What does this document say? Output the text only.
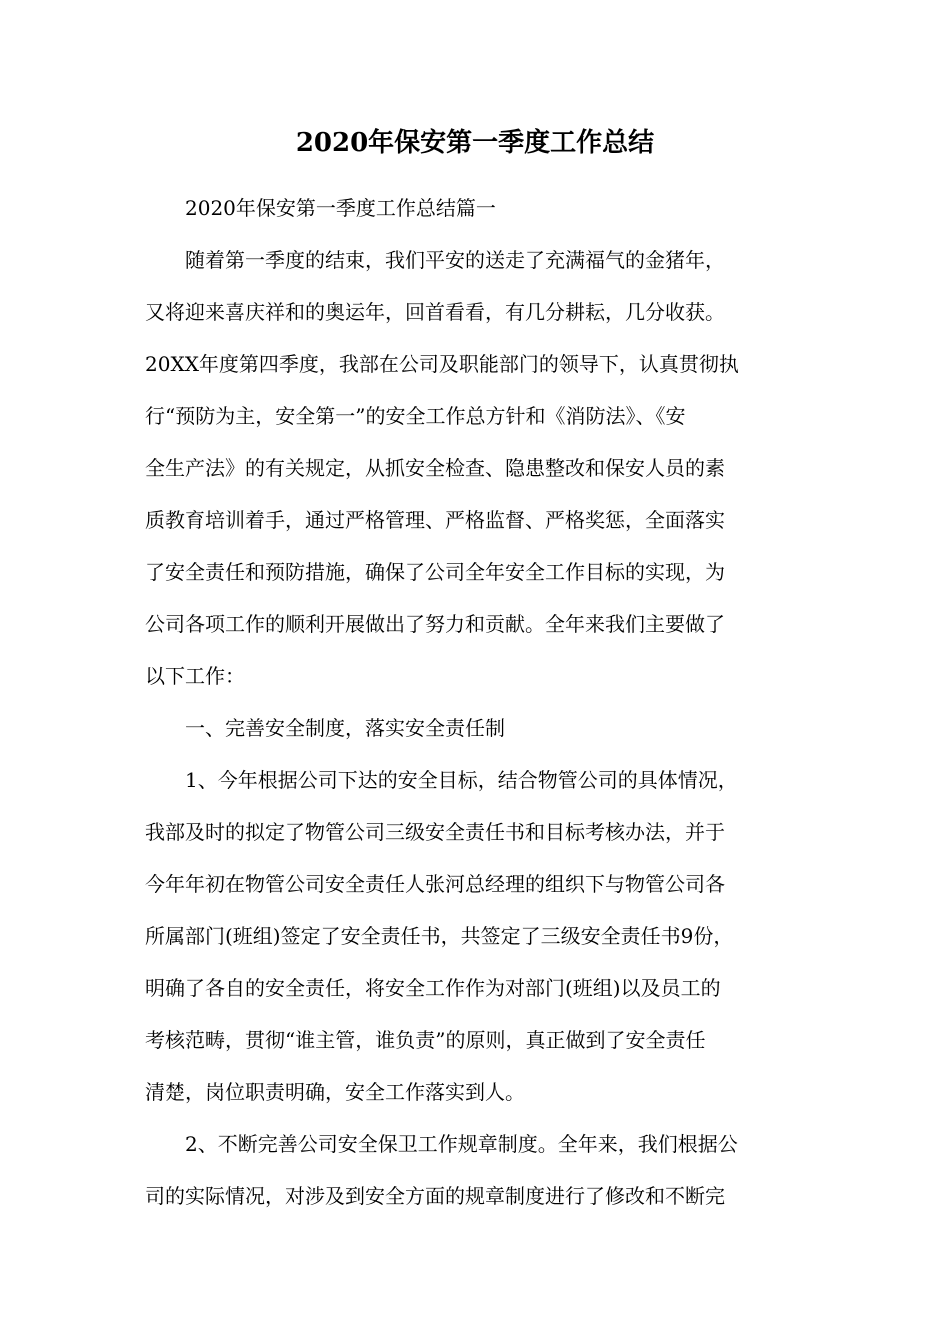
2020年保安第一季度工作总结

2020年保安第一季度工作总结篇一

随着第一季度的结束，我们平安的送走了充满福气的金猪年，
又将迎来喜庆祥和的奥运年，回首看看，有几分耕耘，几分收获。
20XX年度第四季度，我部在公司及职能部门的领导下，认真贯彻执
行“预防为主，安全第一”的安全工作总方针和《消防法》、《安
全生产法》的有关规定，从抓安全检查、隐患整改和保安人员的素
质教育培训着手，通过严格管理、严格监督、严格奖惩，全面落实
了安全责任和预防措施，确保了公司全年安全工作目标的实现，为
公司各项工作的顺利开展做出了努力和贡献。全年来我们主要做了
以下工作：

一、完善安全制度，落实安全责任制

1、今年根据公司下达的安全目标，结合物管公司的具体情况，
我部及时的拟定了物管公司三级安全责任书和目标考核办法，并于
今年年初在物管公司安全责任人张河总经理的组织下与物管公司各
所属部门(班组)签定了安全责任书，共签定了三级安全责任书9份，
明确了各自的安全责任，将安全工作作为对部门(班组)以及员工的
考核范畴，贯彻“谁主管，谁负责”的原则，真正做到了安全责任
清楚，岗位职责明确，安全工作落实到人。

2、不断完善公司安全保卫工作规章制度。全年来，我们根据公
司的实际情况，对涉及到安全方面的规章制度进行了修改和不断完
